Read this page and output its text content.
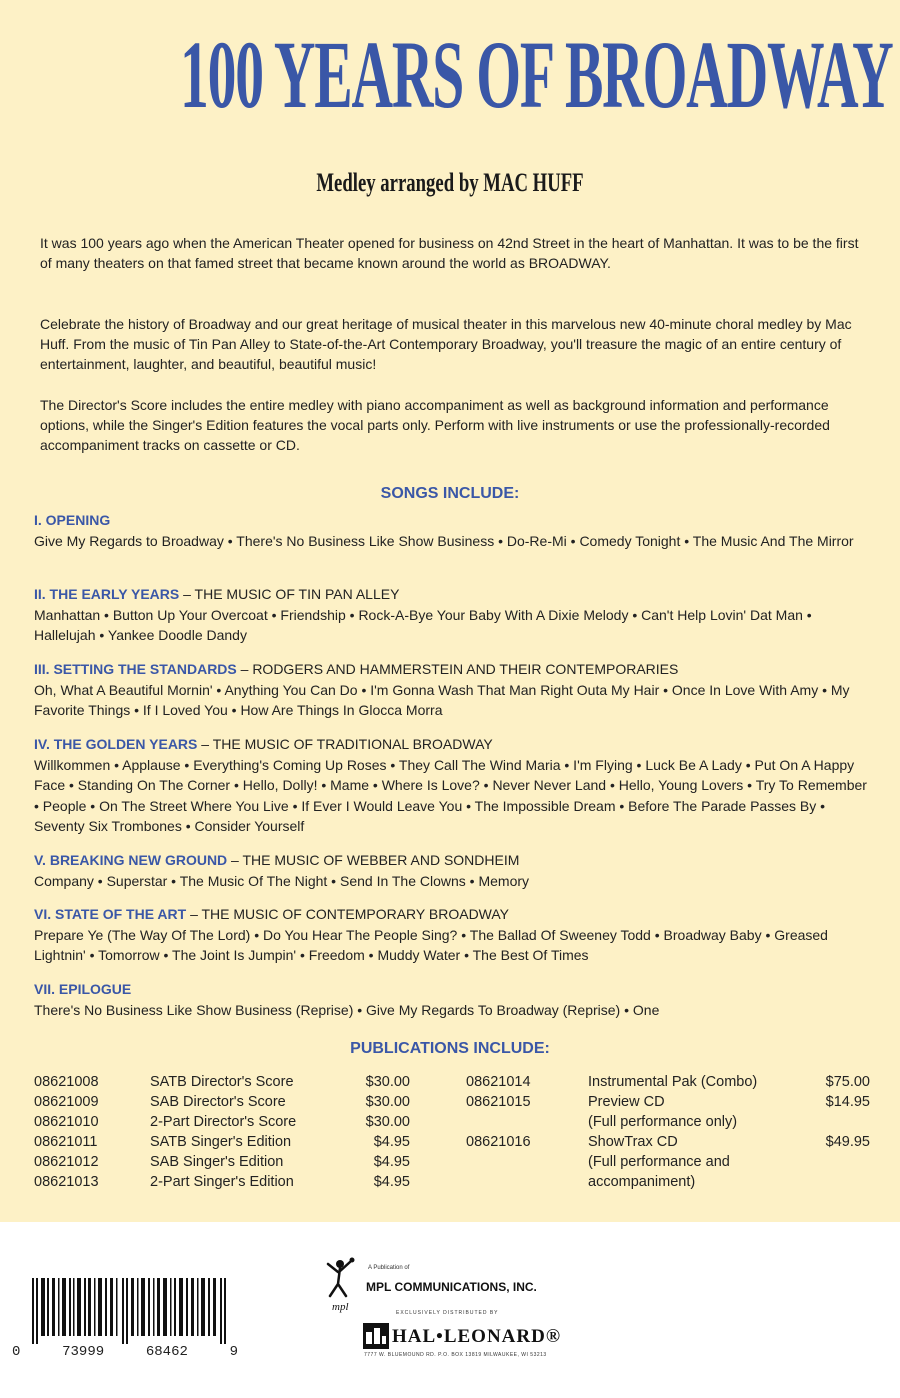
100 YEARS OF BROADWAY
Medley arranged by MAC HUFF

It was 100 years ago when the American Theater opened for business on 42nd Street in the heart of Manhattan. It was to be the first of many theaters on that famed street that became known around the world as BROADWAY.

Celebrate the history of Broadway and our great heritage of musical theater in this marvelous new 40-minute choral medley by Mac Huff. From the music of Tin Pan Alley to State-of-the-Art Contemporary Broadway, you'll treasure the magic of an entire century of entertainment, laughter, and beautiful, beautiful music!

The Director's Score includes the entire medley with piano accompaniment as well as background information and performance options, while the Singer's Edition features the vocal parts only. Perform with live instruments or use the professionally-recorded accompaniment tracks on cassette or CD.

SONGS INCLUDE:
I. OPENING
Give My Regards to Broadway • There's No Business Like Show Business • Do-Re-Mi • Comedy Tonight • The Music And The Mirror
II. THE EARLY YEARS – THE MUSIC OF TIN PAN ALLEY
Manhattan • Button Up Your Overcoat • Friendship • Rock-A-Bye Your Baby With A Dixie Melody • Can't Help Lovin' Dat Man • Hallelujah • Yankee Doodle Dandy
III. SETTING THE STANDARDS – RODGERS AND HAMMERSTEIN AND THEIR CONTEMPORARIES
Oh, What A Beautiful Mornin' • Anything You Can Do • I'm Gonna Wash That Man Right Outa My Hair • Once In Love With Amy • My Favorite Things • If I Loved You • How Are Things In Glocca Morra
IV. THE GOLDEN YEARS – THE MUSIC OF TRADITIONAL BROADWAY
Willkommen • Applause • Everything's Coming Up Roses • They Call The Wind Maria • I'm Flying • Luck Be A Lady • Put On A Happy Face • Standing On The Corner • Hello, Dolly! • Mame • Where Is Love? • Never Never Land • Hello, Young Lovers • Try To Remember • People • On The Street Where You Live • If Ever I Would Leave You • The Impossible Dream • Before The Parade Passes By • Seventy Six Trombones • Consider Yourself
V. BREAKING NEW GROUND – THE MUSIC OF WEBBER AND SONDHEIM
Company • Superstar • The Music Of The Night • Send In The Clowns • Memory
VI. STATE OF THE ART – THE MUSIC OF CONTEMPORARY BROADWAY
Prepare Ye (The Way Of The Lord) • Do You Hear The People Sing? • The Ballad Of Sweeney Todd • Broadway Baby • Greased Lightnin' • Tomorrow • The Joint Is Jumpin' • Freedom • Muddy Water • The Best Of Times
VII. EPILOGUE
There's No Business Like Show Business (Reprise) • Give My Regards To Broadway (Reprise) • One
PUBLICATIONS INCLUDE:
08621008	SATB Director's Score	$30.00
08621009	SAB Director's Score	$30.00
08621010	2-Part Director's Score	$30.00
08621011	SATB Singer's Edition	$4.95
08621012	SAB Singer's Edition	$4.95
08621013	2-Part Singer's Edition	$4.95
08621014	Instrumental Pak (Combo)	$75.00
08621015	Preview CD	$14.95
(Full performance only)
08621016	ShowTrax CD	$49.95
(Full performance and
accompaniment)
0	73999	68462	9
mpl
A Publication of
MPL COMMUNICATIONS, INC.
EXCLUSIVELY DISTRIBUTED BY
HAL•LEONARD®
7777 W. BLUEMOUND RD. P.O. BOX 13819 MILWAUKEE, WI 53213
